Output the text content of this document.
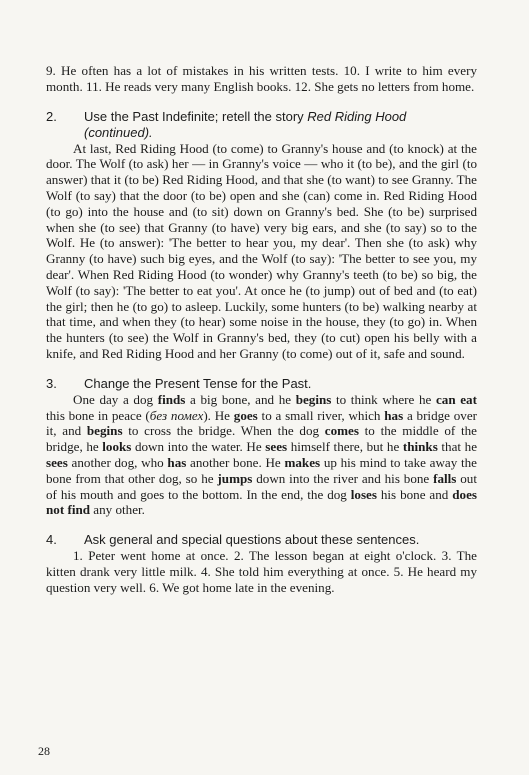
9. He often has a lot of mistakes in his written tests. 10. I write to him every month. 11. He reads very many English books. 12. She gets no letters from home.

2.	Use the Past Indefinite; retell the story Red Riding Hood (continued).

At last, Red Riding Hood (to come) to Granny's house and (to knock) at the door. The Wolf (to ask) her — in Granny's voice — who it (to be), and the girl (to answer) that it (to be) Red Riding Hood, and that she (to want) to see Granny. The Wolf (to say) that the door (to be) open and she (can) come in. Red Riding Hood (to go) into the house and (to sit) down on Granny's bed. She (to be) surprised when she (to see) that Granny (to have) very big ears, and she (to say) so to the Wolf. He (to answer): 'The better to hear you, my dear'. Then she (to ask) why Granny (to have) such big eyes, and the Wolf (to say): 'The better to see you, my dear'. When Red Riding Hood (to wonder) why Granny's teeth (to be) so big, the Wolf (to say): 'The better to eat you'. At once he (to jump) out of bed and (to eat) the girl; then he (to go) to asleep. Luckily, some hunters (to be) walking nearby at that time, and when they (to hear) some noise in the house, they (to go) in. When the hunters (to see) the Wolf in Granny's bed, they (to cut) open his belly with a knife, and Red Riding Hood and her Granny (to come) out of it, safe and sound.

3.	Change the Present Tense for the Past.

One day a dog finds a big bone, and he begins to think where he can eat this bone in peace (без помех). He goes to a small river, which has a bridge over it, and begins to cross the bridge. When the dog comes to the middle of the bridge, he looks down into the water. He sees himself there, but he thinks that he sees another dog, who has another bone. He makes up his mind to take away the bone from that other dog, so he jumps down into the river and his bone falls out of his mouth and goes to the bottom. In the end, the dog loses his bone and does not find any other.

4.	Ask general and special questions about these sentences.

1. Peter went home at once. 2. The lesson began at eight o'clock. 3. The kitten drank very little milk. 4. She told him everything at once. 5. He heard my question very well. 6. We got home late in the evening.

28
